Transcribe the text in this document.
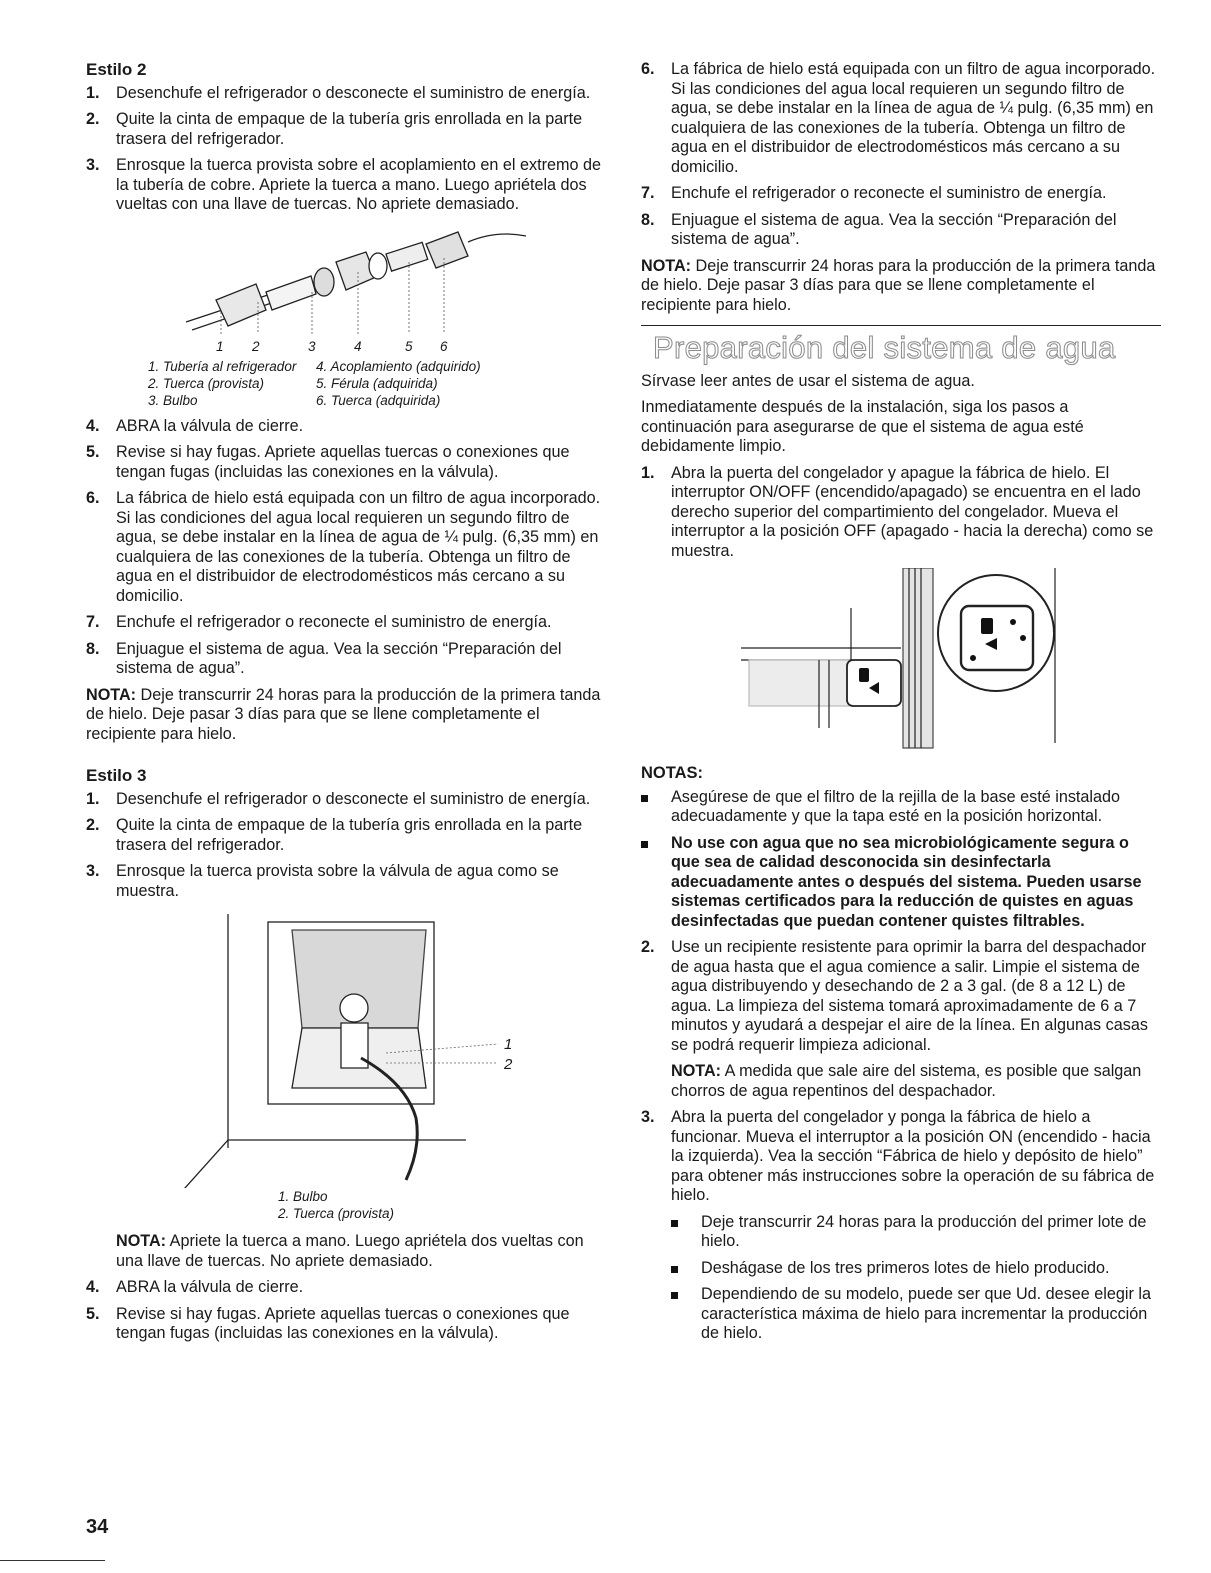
Estilo 2
1.	Desenchufe el refrigerador o desconecte el suministro de energía.
2.	Quite la cinta de empaque de la tubería gris enrollada en la parte trasera del refrigerador.
3.	Enrosque la tuerca provista sobre el acoplamiento en el extremo de la tubería de cobre. Apriete la tuerca a mano. Luego apriételа dos vueltas con una llave de tuercas. No apriete demasiado.
1 2	3	4	5 6
1. Tubería al refrigerador	4. Acoplamiento (adquirido)
2. Tuerca (provista)	5. Férula (adquirida)
3. Bulbo	6. Tuerca (adquirida)
4.	ABRA la válvula de cierre.
5.	Revise si hay fugas. Apriete aquellas tuercas o conexiones que tengan fugas (incluidas las conexiones en la válvula).
6.	La fábrica de hielo está equipada con un filtro de agua incorporado. Si las condiciones del agua local requieren un segundo filtro de agua, se debe instalar en la línea de agua de ¼ pulg. (6,35 mm) en cualquiera de las conexiones de la tubería. Obtenga un filtro de agua en el distribuidor de electrodomésticos más cercano a su domicilio.
7.	Enchufe el refrigerador o reconecte el suministro de energía.
8.	Enjuague el sistema de agua. Vea la sección “Preparación del sistema de agua”.

NOTA: Deje transcurrir 24 horas para la producción de la primera tanda de hielo. Deje pasar 3 días para que se llene completamente el recipiente para hielo.

Estilo 3
1.	Desenchufe el refrigerador o desconecte el suministro de energía.
2.	Quite la cinta de empaque de la tubería gris enrollada en la parte trasera del refrigerador.
3.	Enrosque la tuerca provista sobre la válvula de agua como se muestra.
1
2
1. Bulbo
2. Tuerca (provista)

NOTA: Apriete la tuerca a mano. Luego apriételа dos vueltas con una llave de tuercas. No apriete demasiado.

4.	ABRA la válvula de cierre.
5.	Revise si hay fugas. Apriete aquellas tuercas o conexiones que tengan fugas (incluidas las conexiones en la válvula).
6.	La fábrica de hielo está equipada con un filtro de agua incorporado. Si las condiciones del agua local requieren un segundo filtro de agua, se debe instalar en la línea de agua de ¼ pulg. (6,35 mm) en cualquiera de las conexiones de la tubería. Obtenga un filtro de agua en el distribuidor de electrodomésticos más cercano a su domicilio.
7.	Enchufe el refrigerador o reconecte el suministro de energía.
8.	Enjuague el sistema de agua. Vea la sección “Preparación del sistema de agua”.

NOTA: Deje transcurrir 24 horas para la producción de la primera tanda de hielo. Deje pasar 3 días para que se llene completamente el recipiente para hielo.

Preparación del sistema de agua

Sírvase leer antes de usar el sistema de agua.

Inmediatamente después de la instalación, siga los pasos a continuación para asegurarse de que el sistema de agua esté debidamente limpio.

1.	Abra la puerta del congelador y apague la fábrica de hielo. El interruptor ON/OFF (encendido/apagado) se encuentra en el lado derecho superior del compartimiento del congelador. Mueva el interruptor a la posición OFF (apagado - hacia la derecha) como se muestra.
NOTAS:
Asegúrese de que el filtro de la rejilla de la base esté instalado adecuadamente y que la tapa esté en la posición horizontal.
No use con agua que no sea microbiológicamente segura o que sea de calidad desconocida sin desinfectarla adecuadamente antes o después del sistema. Pueden usarse sistemas certificados para la reducción de quistes en aguas desinfectadas que puedan contener quistes filtrables.
2.	Use un recipiente resistente para oprimir la barra del despachador de agua hasta que el agua comience a salir. Limpie el sistema de agua distribuyendo y desechando de 2 a 3 gal. (de 8 a 12 L) de agua. La limpieza del sistema tomará aproximadamente de 6 a 7 minutos y ayudará a despejar el aire de la línea. En algunas casas se podrá requerir limpieza adicional.

NOTA: A medida que sale aire del sistema, es posible que salgan chorros de agua repentinos del despachador.

3.	Abra la puerta del congelador y ponga la fábrica de hielo a funcionar. Mueva el interruptor a la posición ON (encendido - hacia la izquierda). Vea la sección “Fábrica de hielo y depósito de hielo” para obtener más instrucciones sobre la operación de su fábrica de hielo.
Deje transcurrir 24 horas para la producción del primer lote de hielo.
Deshágase de los tres primeros lotes de hielo producido.
Dependiendo de su modelo, puede ser que Ud. desee elegir la característica máxima de hielo para incrementar la producción de hielo.
34
